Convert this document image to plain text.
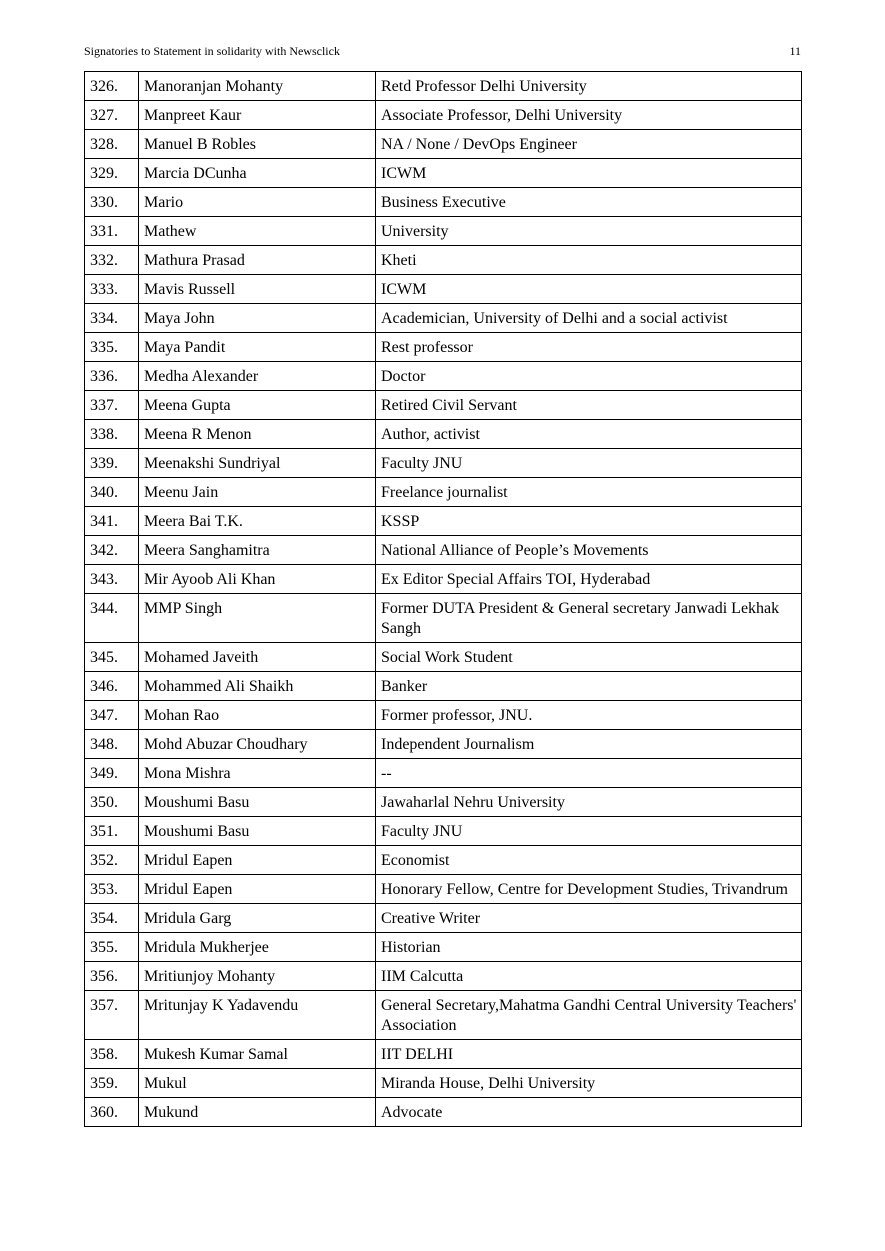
Signatories to Statement in solidarity with Newsclick	11
326.	Manoranjan Mohanty	Retd Professor Delhi University
327.	Manpreet Kaur	Associate Professor, Delhi University
328.	Manuel B Robles	NA / None / DevOps Engineer
329.	Marcia DCunha	ICWM
330.	Mario	Business Executive
331.	Mathew	University
332.	Mathura Prasad	Kheti
333.	Mavis Russell	ICWM
334.	Maya John	Academician, University of Delhi and a social activist
335.	Maya Pandit	Rest professor
336.	Medha Alexander	Doctor
337.	Meena Gupta	Retired Civil Servant
338.	Meena R Menon	Author, activist
339.	Meenakshi Sundriyal	Faculty JNU
340.	Meenu Jain	Freelance journalist
341.	Meera Bai T.K.	KSSP
342.	Meera Sanghamitra	National Alliance of People’s Movements
343.	Mir Ayoob Ali Khan	Ex Editor Special Affairs TOI, Hyderabad
344.	MMP Singh	Former DUTA President & General secretary Janwadi Lekhak Sangh
345.	Mohamed Javeith	Social Work Student
346.	Mohammed Ali Shaikh	Banker
347.	Mohan Rao	Former professor, JNU.
348.	Mohd Abuzar Choudhary	Independent Journalism
349.	Mona Mishra	--
350.	Moushumi Basu	Jawaharlal Nehru University
351.	Moushumi Basu	Faculty JNU
352.	Mridul Eapen	Economist
353.	Mridul Eapen	Honorary Fellow, Centre for Development Studies, Trivandrum
354.	Mridula Garg	Creative Writer
355.	Mridula Mukherjee	Historian
356.	Mritiunjoy Mohanty	IIM Calcutta
357.	Mritunjay K Yadavendu	General Secretary,Mahatma Gandhi Central University Teachers' Association
358.	Mukesh Kumar Samal	IIT DELHI
359.	Mukul	Miranda House, Delhi University
360.	Mukund	Advocate
